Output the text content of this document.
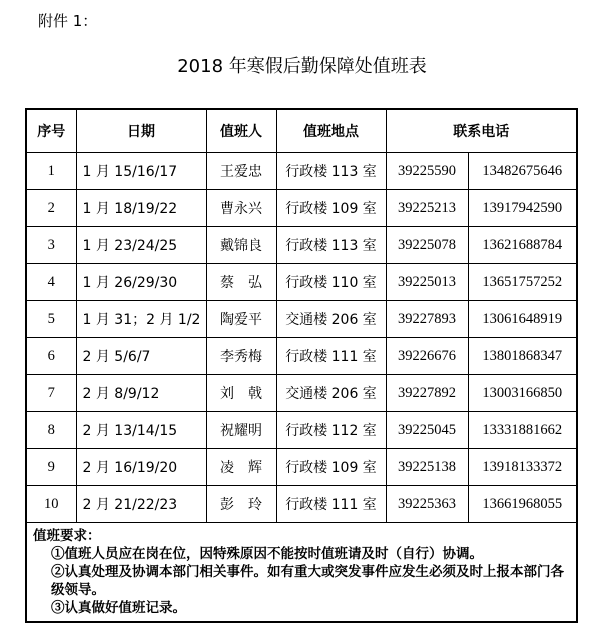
附件 1：
2018 年寒假后勤保障处值班表
序号	日期	值班人	值班地点	联系电话	
1	1 月 15/16/17	王爱忠	行政楼 113 室	39225590	13482675646
2	1 月 18/19/22	曹永兴	行政楼 109 室	39225213	13917942590
3	1 月 23/24/25	戴锦良	行政楼 113 室	39225078	13621688784
4	1 月 26/29/30	蔡　弘	行政楼 110 室	39225013	13651757252
5	1 月 31；2 月 1/2	陶爱平	交通楼 206 室	39227893	13061648919
6	2 月 5/6/7	李秀梅	行政楼 111 室	39226676	13801868347
7	2 月 8/9/12	刘　戟	交通楼 206 室	39227892	13003166850
8	2 月 13/14/15	祝耀明	行政楼 112 室	39225045	13331881662
9	2 月 16/19/20	凌　辉	行政楼 109 室	39225138	13918133372
10	2 月 21/22/23	彭　玲	行政楼 111 室	39225363	13661968055

值班要求：
①值班人员应在岗在位，因特殊原因不能按时值班请及时（自行）协调。
②认真处理及协调本部门相关事件。如有重大或突发事件应发生必须及时上报本部门各级领导。
③认真做好值班记录。					
